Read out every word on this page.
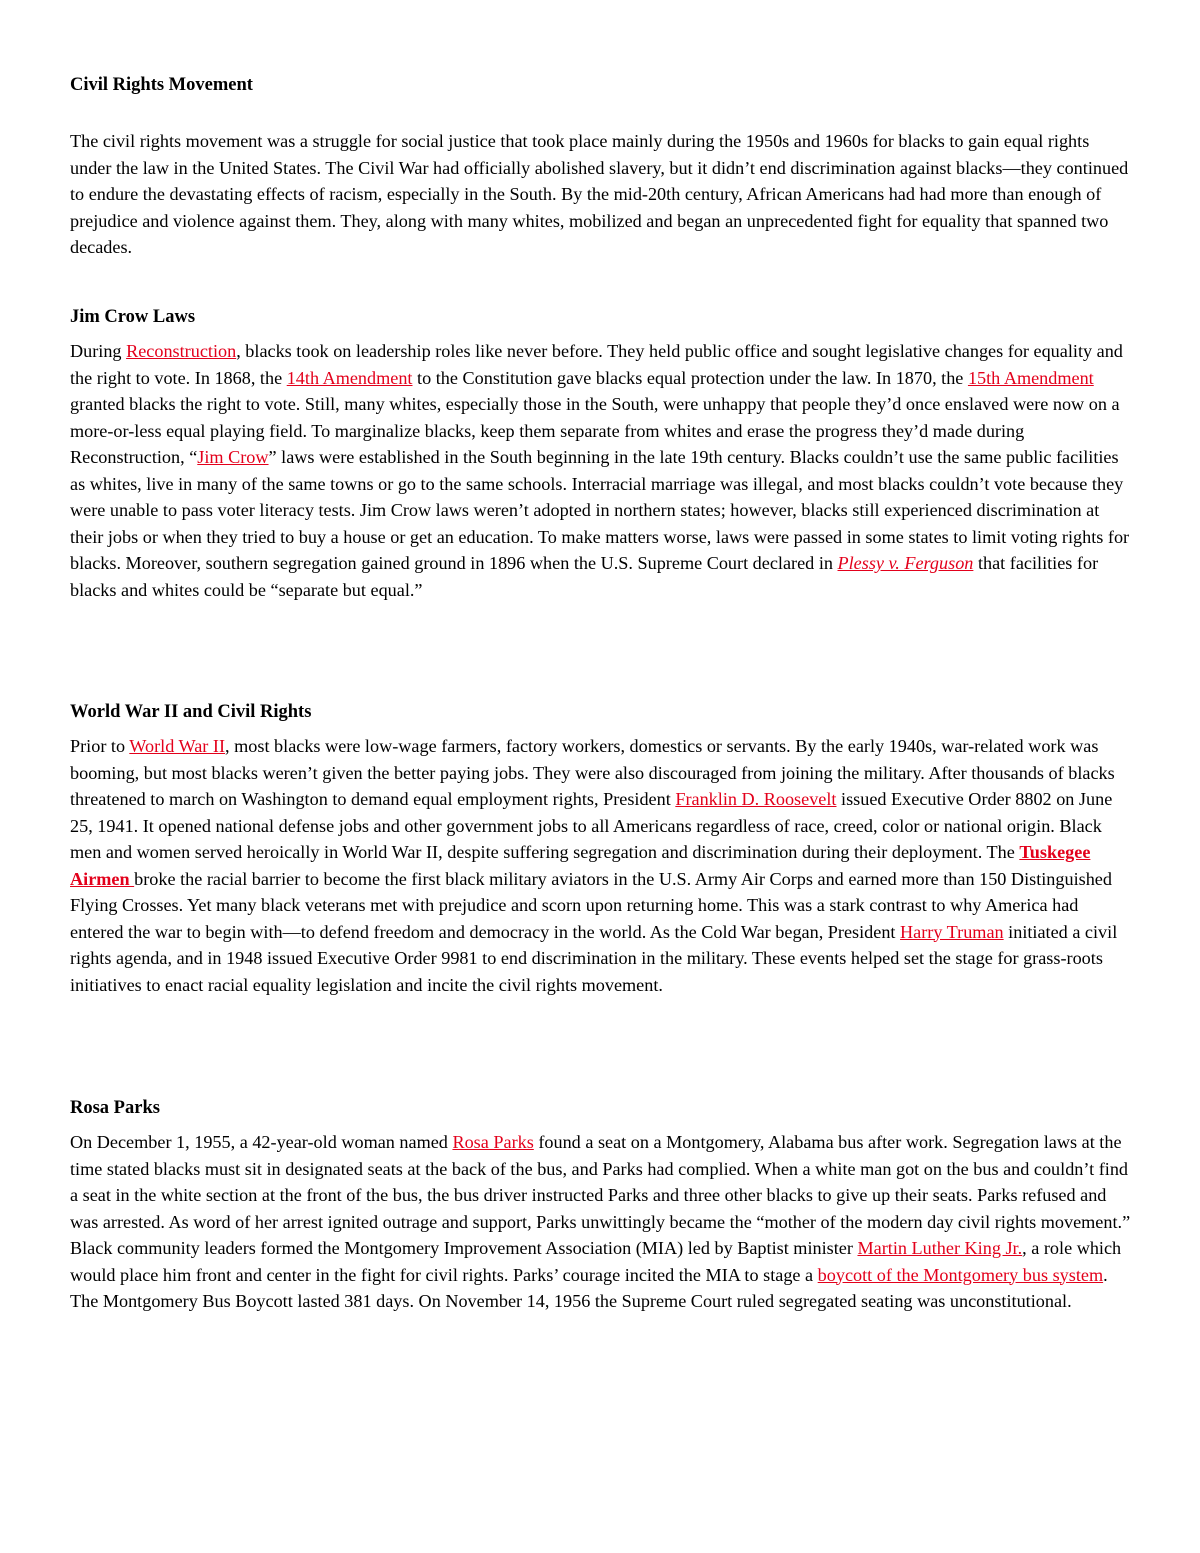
Civil Rights Movement

The civil rights movement was a struggle for social justice that took place mainly during the 1950s and 1960s for blacks to gain equal rights under the law in the United States. The Civil War had officially abolished slavery, but it didn’t end discrimination against blacks—they continued to endure the devastating effects of racism, especially in the South. By the mid-20th century, African Americans had had more than enough of prejudice and violence against them. They, along with many whites, mobilized and began an unprecedented fight for equality that spanned two decades.

Jim Crow Laws

During Reconstruction, blacks took on leadership roles like never before. They held public office and sought legislative changes for equality and the right to vote. In 1868, the 14th Amendment to the Constitution gave blacks equal protection under the law. In 1870, the 15th Amendment granted blacks the right to vote. Still, many whites, especially those in the South, were unhappy that people they’d once enslaved were now on a more-or-less equal playing field. To marginalize blacks, keep them separate from whites and erase the progress they’d made during Reconstruction, “Jim Crow” laws were established in the South beginning in the late 19th century. Blacks couldn’t use the same public facilities as whites, live in many of the same towns or go to the same schools. Interracial marriage was illegal, and most blacks couldn’t vote because they were unable to pass voter literacy tests. Jim Crow laws weren’t adopted in northern states; however, blacks still experienced discrimination at their jobs or when they tried to buy a house or get an education. To make matters worse, laws were passed in some states to limit voting rights for blacks. Moreover, southern segregation gained ground in 1896 when the U.S. Supreme Court declared in Plessy v. Ferguson that facilities for blacks and whites could be “separate but equal.”

World War II and Civil Rights

Prior to World War II, most blacks were low-wage farmers, factory workers, domestics or servants. By the early 1940s, war-related work was booming, but most blacks weren’t given the better paying jobs. They were also discouraged from joining the military. After thousands of blacks threatened to march on Washington to demand equal employment rights, President Franklin D. Roosevelt issued Executive Order 8802 on June 25, 1941. It opened national defense jobs and other government jobs to all Americans regardless of race, creed, color or national origin. Black men and women served heroically in World War II, despite suffering segregation and discrimination during their deployment. The Tuskegee Airmen broke the racial barrier to become the first black military aviators in the U.S. Army Air Corps and earned more than 150 Distinguished Flying Crosses. Yet many black veterans met with prejudice and scorn upon returning home. This was a stark contrast to why America had entered the war to begin with—to defend freedom and democracy in the world. As the Cold War began, President Harry Truman initiated a civil rights agenda, and in 1948 issued Executive Order 9981 to end discrimination in the military. These events helped set the stage for grass-roots initiatives to enact racial equality legislation and incite the civil rights movement.

Rosa Parks

On December 1, 1955, a 42-year-old woman named Rosa Parks found a seat on a Montgomery, Alabama bus after work. Segregation laws at the time stated blacks must sit in designated seats at the back of the bus, and Parks had complied. When a white man got on the bus and couldn’t find a seat in the white section at the front of the bus, the bus driver instructed Parks and three other blacks to give up their seats. Parks refused and was arrested. As word of her arrest ignited outrage and support, Parks unwittingly became the “mother of the modern day civil rights movement.” Black community leaders formed the Montgomery Improvement Association (MIA) led by Baptist minister Martin Luther King Jr., a role which would place him front and center in the fight for civil rights. Parks’ courage incited the MIA to stage a boycott of the Montgomery bus system. The Montgomery Bus Boycott lasted 381 days. On November 14, 1956 the Supreme Court ruled segregated seating was unconstitutional.
